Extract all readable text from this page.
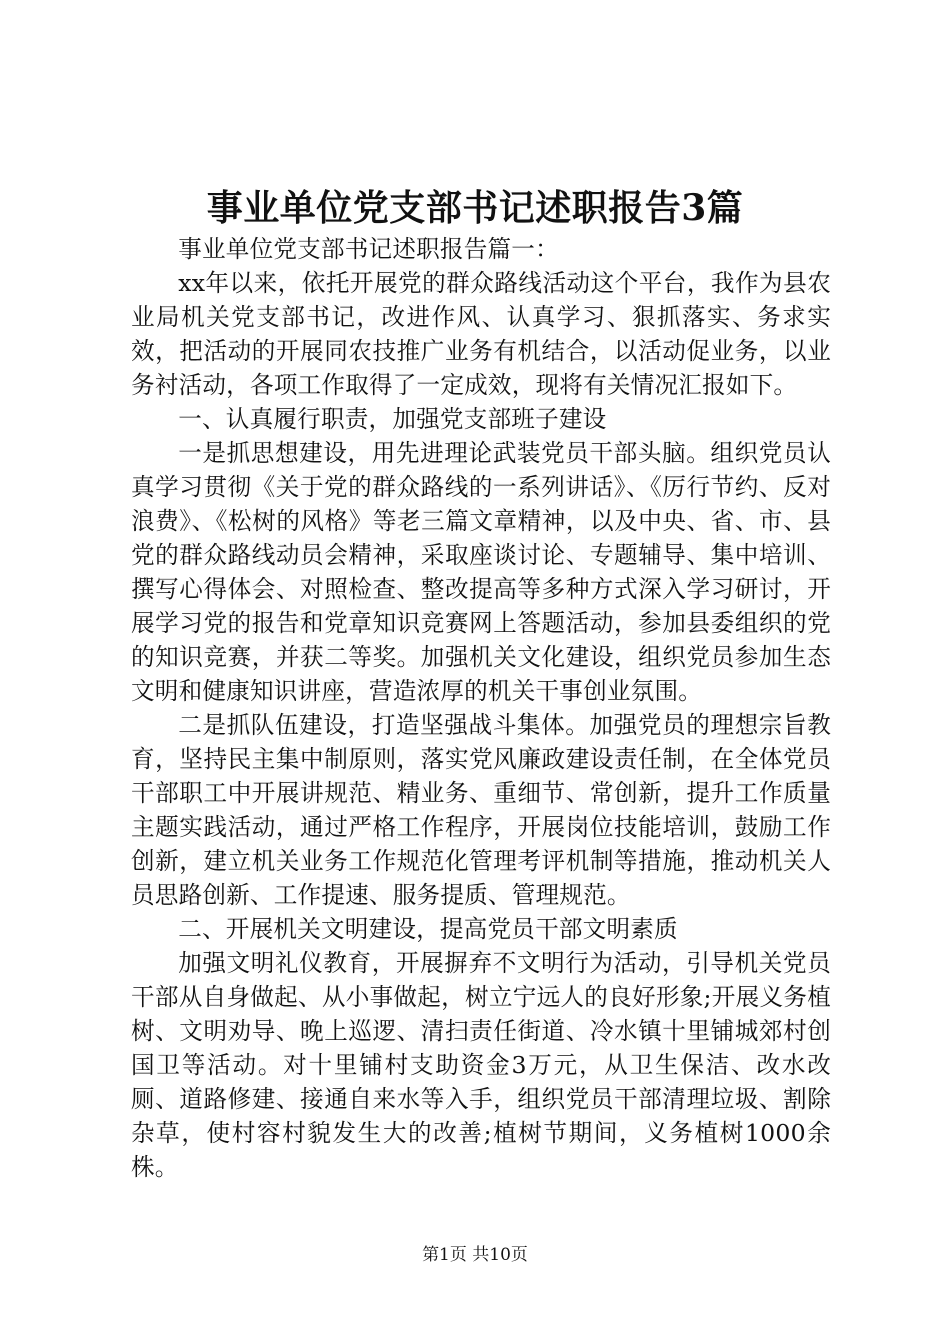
事业单位党支部书记述职报告3篇

事业单位党支部书记述职报告篇一：

xx年以来，依托开展党的群众路线活动这个平台，我作为县农业局机关党支部书记，改进作风、认真学习、狠抓落实、务求实效，把活动的开展同农技推广业务有机结合，以活动促业务，以业务衬活动，各项工作取得了一定成效，现将有关情况汇报如下。

一、认真履行职责，加强党支部班子建设

一是抓思想建设，用先进理论武装党员干部头脑。组织党员认真学习贯彻《关于党的群众路线的一系列讲话》、《厉行节约、反对浪费》、《松树的风格》等老三篇文章精神，以及中央、省、市、县党的群众路线动员会精神，采取座谈讨论、专题辅导、集中培训、撰写心得体会、对照检查、整改提高等多种方式深入学习研讨，开展学习党的报告和党章知识竞赛网上答题活动，参加县委组织的党的知识竞赛，并获二等奖。加强机关文化建设，组织党员参加生态文明和健康知识讲座，营造浓厚的机关干事创业氛围。

二是抓队伍建设，打造坚强战斗集体。加强党员的理想宗旨教育，坚持民主集中制原则，落实党风廉政建设责任制，在全体党员干部职工中开展讲规范、精业务、重细节、常创新，提升工作质量主题实践活动，通过严格工作程序，开展岗位技能培训，鼓励工作创新，建立机关业务工作规范化管理考评机制等措施，推动机关人员思路创新、工作提速、服务提质、管理规范。

二、开展机关文明建设，提高党员干部文明素质

加强文明礼仪教育，开展摒弃不文明行为活动，引导机关党员干部从自身做起、从小事做起，树立宁远人的良好形象;开展义务植树、文明劝导、晚上巡逻、清扫责任街道、冷水镇十里铺城郊村创国卫等活动。对十里铺村支助资金3万元，从卫生保洁、改水改厕、道路修建、接通自来水等入手，组织党员干部清理垃圾、割除杂草，使村容村貌发生大的改善;植树节期间，义务植树1000余株。

第1页 共10页
